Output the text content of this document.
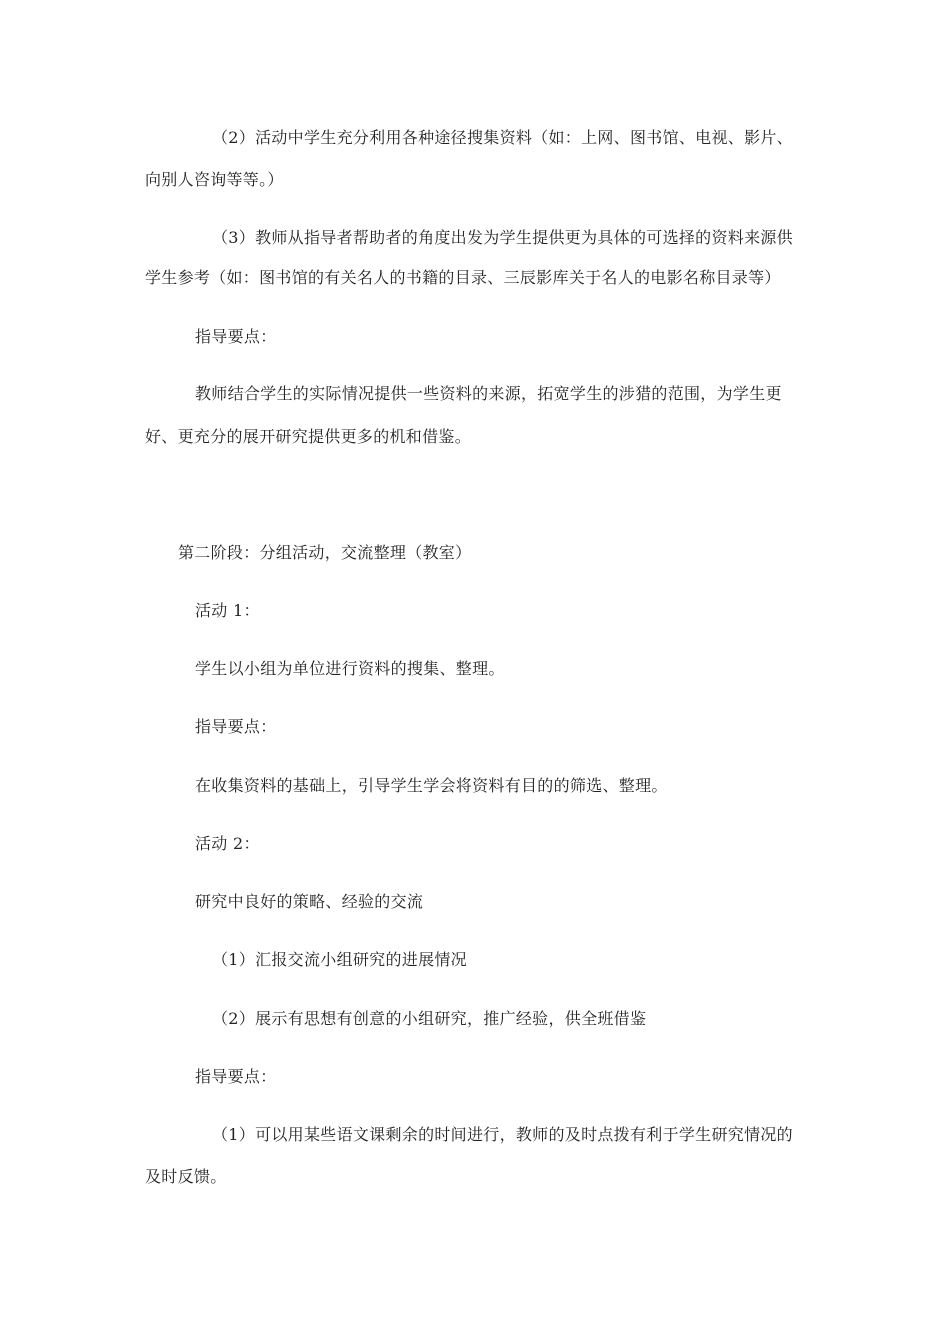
（2）活动中学生充分利用各种途径搜集资料（如：上网、图书馆、电视、影片、
向别人咨询等等。）
（3）教师从指导者帮助者的角度出发为学生提供更为具体的可选择的资料来源供
学生参考（如：图书馆的有关名人的书籍的目录、三辰影库关于名人的电影名称目录等）
指导要点：
教师结合学生的实际情况提供一些资料的来源，拓宽学生的涉猎的范围，为学生更
好、更充分的展开研究提供更多的机和借鉴。
第二阶段：分组活动，交流整理（教室）
活动 1：
学生以小组为单位进行资料的搜集、整理。
指导要点：
在收集资料的基础上，引导学生学会将资料有目的的筛选、整理。
活动 2：
研究中良好的策略、经验的交流
（1）汇报交流小组研究的进展情况
（2）展示有思想有创意的小组研究，推广经验，供全班借鉴
指导要点：
（1）可以用某些语文课剩余的时间进行，教师的及时点拨有利于学生研究情况的
及时反馈。
